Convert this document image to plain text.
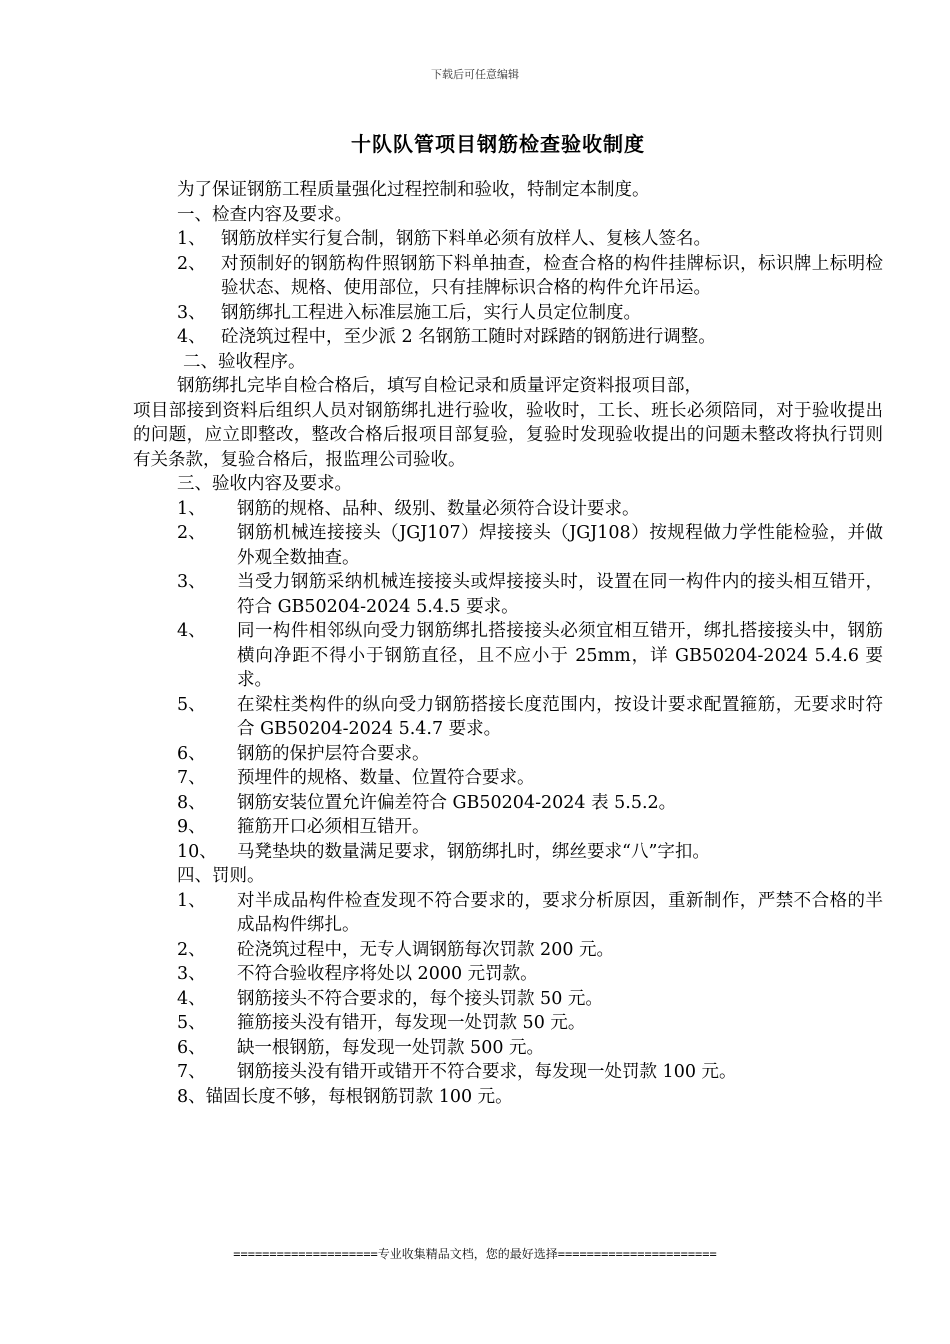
下载后可任意编辑
十队队管项目钢筋检查验收制度

为了保证钢筋工程质量强化过程控制和验收，特制定本制度。

一、检查内容及要求。

1、 钢筋放样实行复合制，钢筋下料单必须有放样人、复核人签名。
2、 对预制好的钢筋构件照钢筋下料单抽查，检查合格的构件挂牌标识，标识牌上标明检验状态、规格、使用部位，只有挂牌标识合格的构件允许吊运。
3、 钢筋绑扎工程进入标准层施工后，实行人员定位制度。
4、 砼浇筑过程中，至少派 2 名钢筋工随时对踩踏的钢筋进行调整。

二、验收程序。

钢筋绑扎完毕自检合格后，填写自检记录和质量评定资料报项目部，

项目部接到资料后组织人员对钢筋绑扎进行验收，验收时，工长、班长必须陪同，对于验收提出的问题，应立即整改，整改合格后报项目部复验，复验时发现验收提出的问题未整改将执行罚则有关条款，复验合格后，报监理公司验收。

三、验收内容及要求。

1、	钢筋的规格、品种、级别、数量必须符合设计要求。
2、	钢筋机械连接接头（JGJ107）焊接接头（JGJ108）按规程做力学性能检验，并做外观全数抽查。
3、	当受力钢筋采纳机械连接接头或焊接接头时，设置在同一构件内的接头相互错开，符合 GB50204-2024 5.4.5 要求。
4、	同一构件相邻纵向受力钢筋绑扎搭接接头必须宜相互错开，绑扎搭接接头中，钢筋横向净距不得小于钢筋直径，且不应小于 25mm，详 GB50204-2024 5.4.6 要求。
5、	在梁柱类构件的纵向受力钢筋搭接长度范围内，按设计要求配置箍筋，无要求时符合 GB50204-2024 5.4.7 要求。
6、	钢筋的保护层符合要求。
7、	预埋件的规格、数量、位置符合要求。
8、	钢筋安装位置允许偏差符合 GB50204-2024 表 5.5.2。
9、	箍筋开口必须相互错开。
10、	马凳垫块的数量满足要求，钢筋绑扎时，绑丝要求“八”字扣。

四、罚则。

1、	对半成品构件检查发现不符合要求的，要求分析原因，重新制作，严禁不合格的半成品构件绑扎。
2、	砼浇筑过程中，无专人调钢筋每次罚款 200 元。
3、	不符合验收程序将处以 2000 元罚款。
4、	钢筋接头不符合要求的，每个接头罚款 50 元。
5、	箍筋接头没有错开，每发现一处罚款 50 元。
6、	缺一根钢筋，每发现一处罚款 500 元。
7、	钢筋接头没有错开或错开不符合要求，每发现一处罚款 100 元。

8、锚固长度不够，每根钢筋罚款 100 元。

====================专业收集精品文档，您的最好选择======================
